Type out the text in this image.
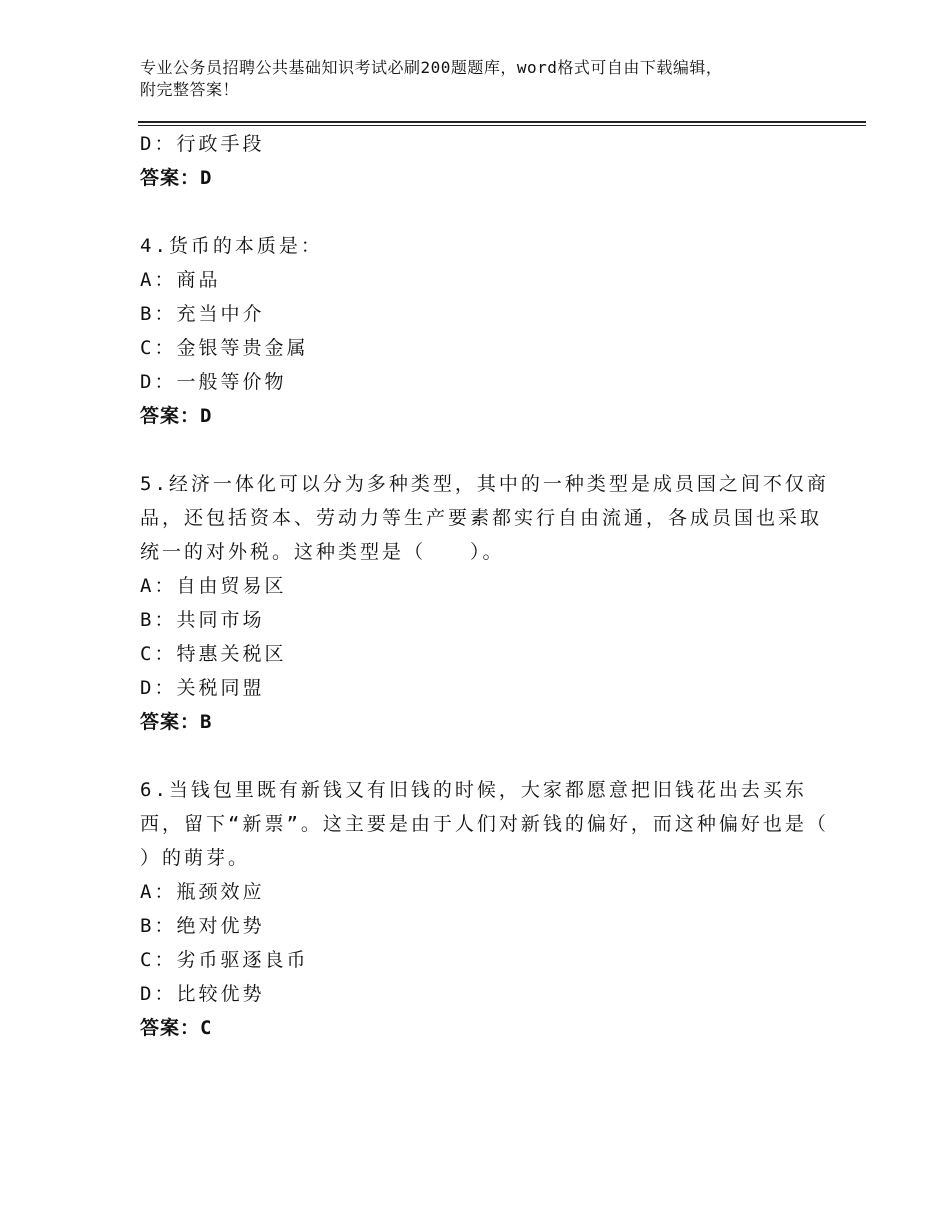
专业公务员招聘公共基础知识考试必刷200题题库，word格式可自由下载编辑，
附完整答案！
D：行政手段
答案：D
4.货币的本质是：
A：商品
B：充当中介
C：金银等贵金属
D：一般等价物
答案：D
5.经济一体化可以分为多种类型，其中的一种类型是成员国之间不仅商品，还包括资本、劳动力等生产要素都实行自由流通，各成员国也采取统一的对外税。这种类型是（　　）。
A：自由贸易区
B：共同市场
C：特惠关税区
D：关税同盟
答案：B
6.当钱包里既有新钱又有旧钱的时候，大家都愿意把旧钱花出去买东西，留下“新票”。这主要是由于人们对新钱的偏好，而这种偏好也是（　　）的萌芽。
A：瓶颈效应
B：绝对优势
C：劣币驱逐良币
D：比较优势
答案：C
